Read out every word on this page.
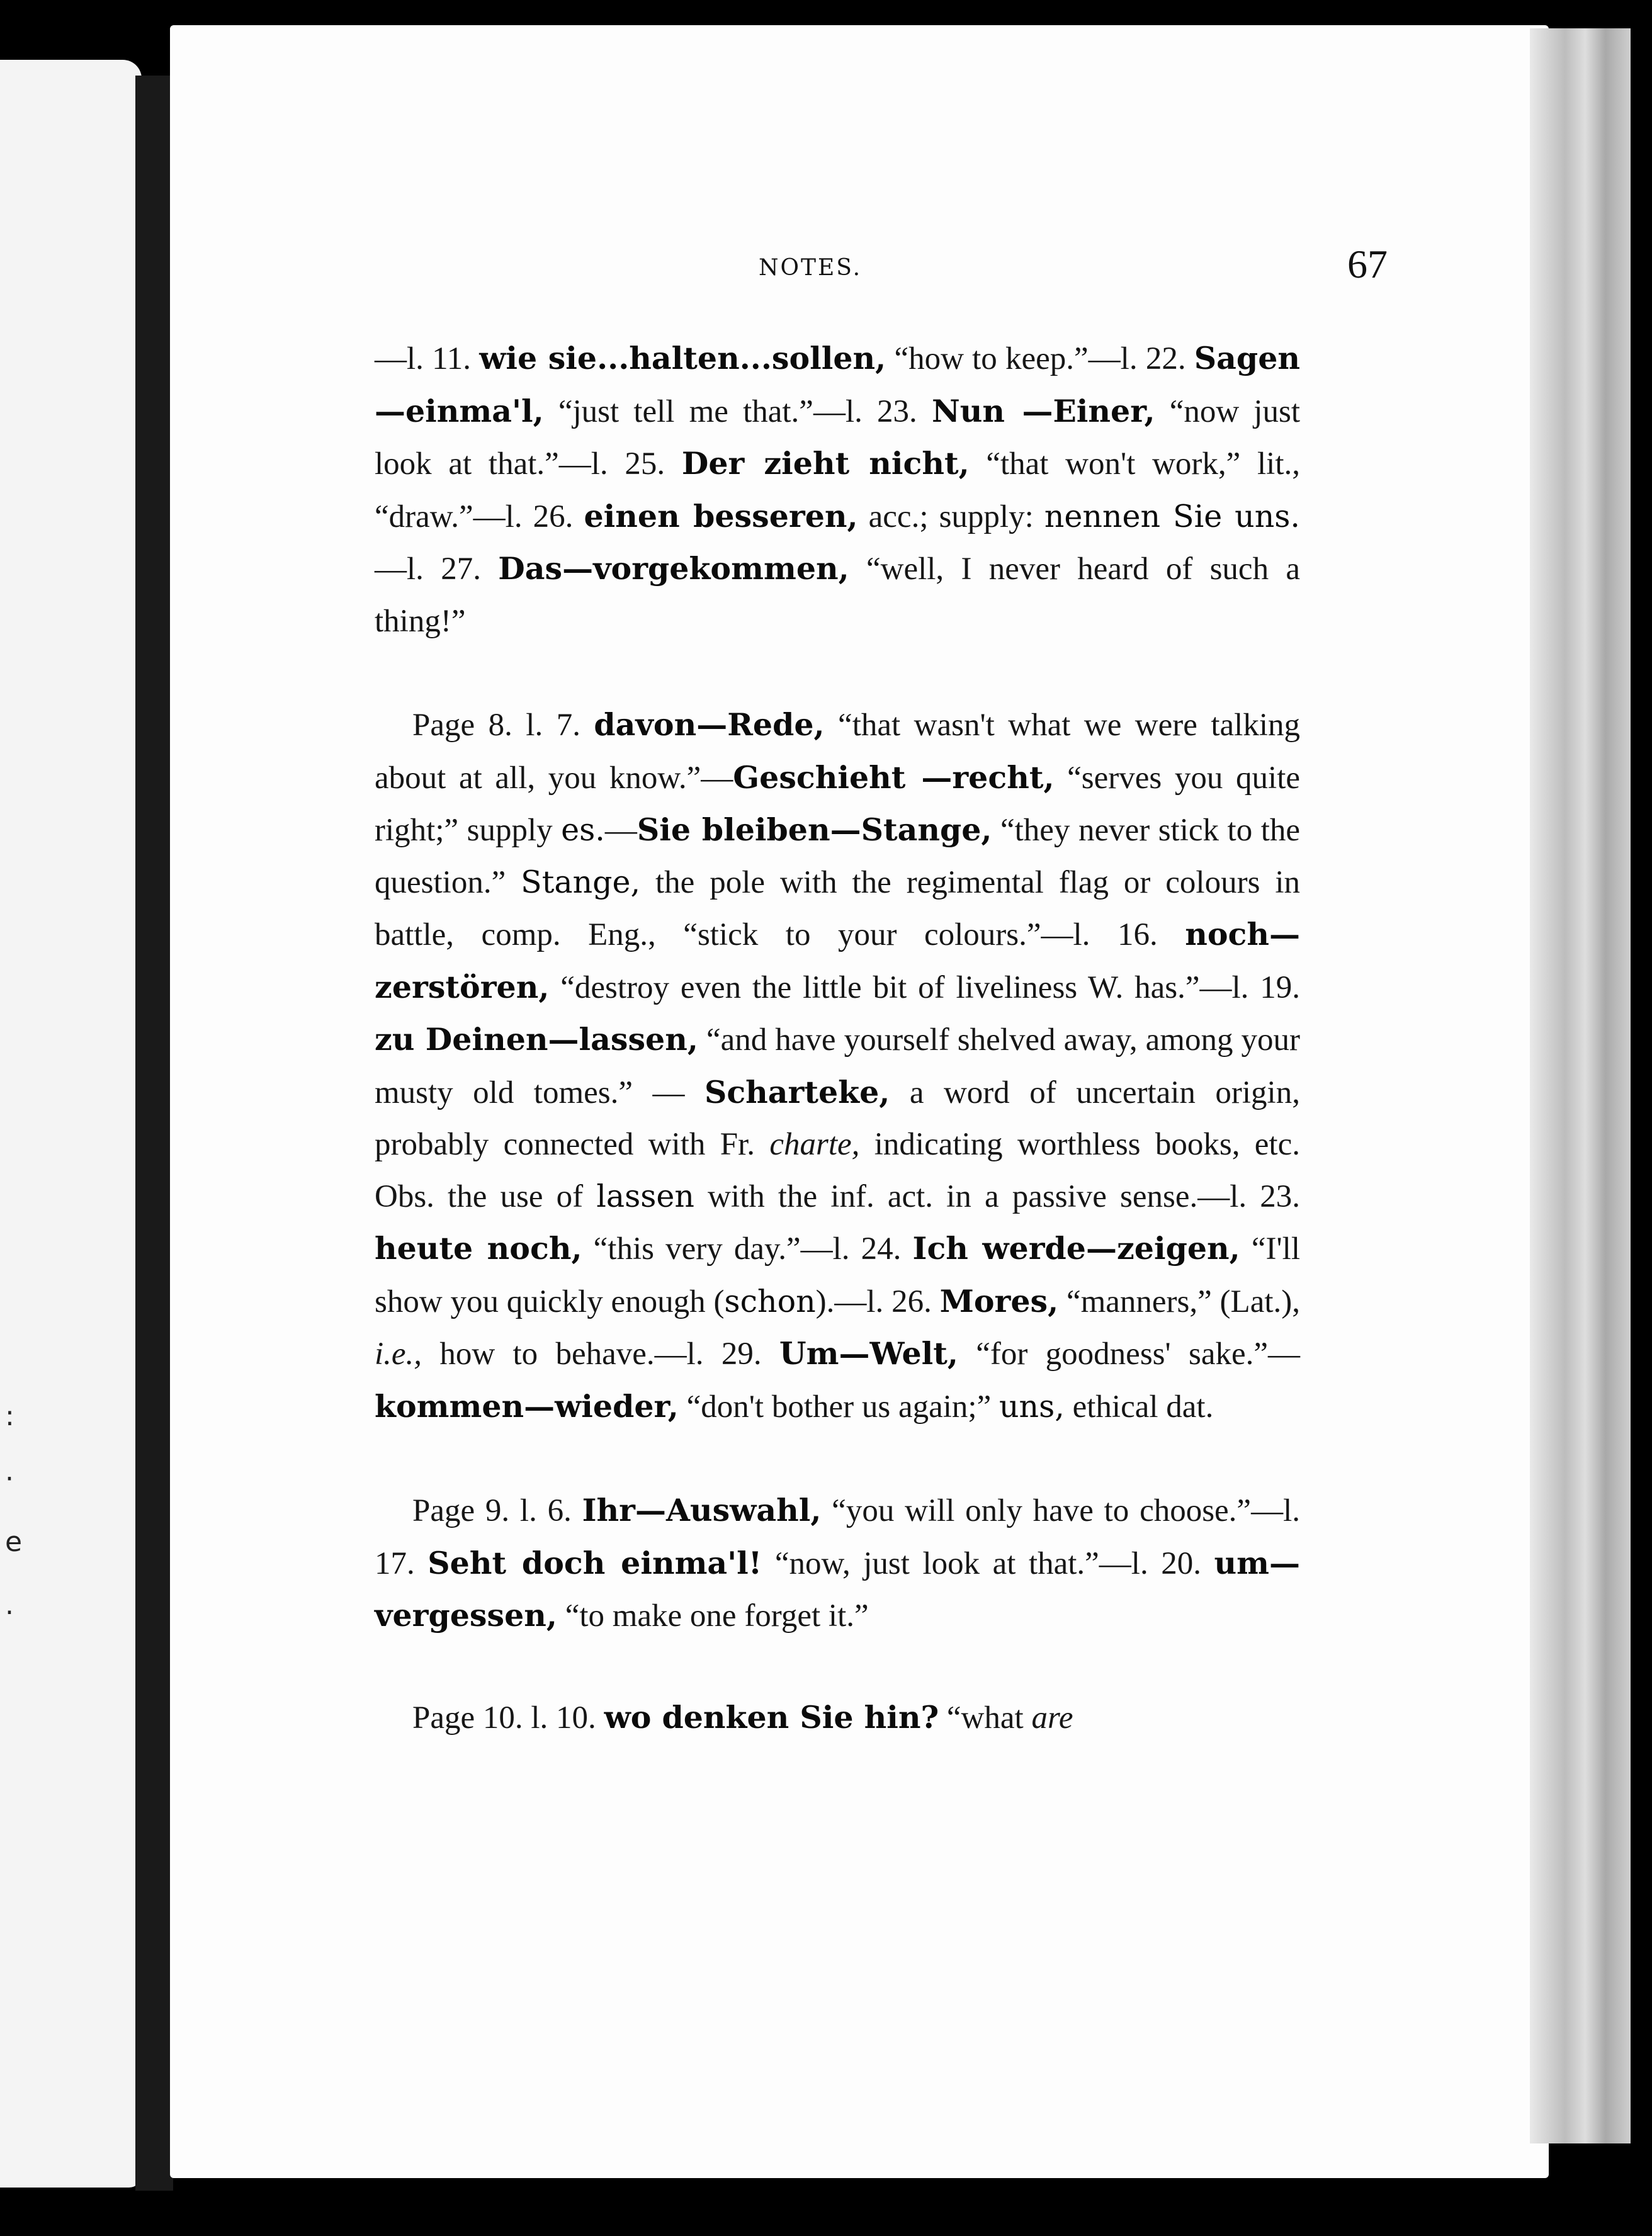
:
·
e
.
NOTES.	67

—l. 11. wie sie...halten...sollen, “how to keep.”—l. 22. Sagen—einma'l, “just tell me that.”—l. 23. Nun —Einer, “now just look at that.”—l. 25. Der zieht nicht, “that won't work,” lit., “draw.”—l. 26. einen besseren, acc.; supply: nennen Sie uns.—l. 27. Das—vorgekommen, “well, I never heard of such a thing!”

Page 8. l. 7. davon—Rede, “that wasn't what we were talking about at all, you know.”—Geschieht —recht, “serves you quite right;” supply es.—Sie bleiben—Stange, “they never stick to the question.” Stange, the pole with the regimental flag or colours in battle, comp. Eng., “stick to your colours.”—l. 16. noch—zerstören, “destroy even the little bit of liveliness W. has.”—l. 19. zu Deinen—lassen, “and have yourself shelved away, among your musty old tomes.” — Scharteke, a word of uncertain origin, probably connected with Fr. charte, indicating worthless books, etc. Obs. the use of lassen with the inf. act. in a passive sense.—l. 23. heute noch, “this very day.”—l. 24. Ich werde—zeigen, “I'll show you quickly enough (schon).—l. 26. Mores, “manners,” (Lat.), i.e., how to behave.—l. 29. Um—Welt, “for goodness' sake.”—kommen—wieder, “don't bother us again;” uns, ethical dat.

Page 9. l. 6. Ihr—Auswahl, “you will only have to choose.”—l. 17. Seht doch einma'l! “now, just look at that.”—l. 20. um—vergessen, “to make one forget it.”

Page 10. l. 10. wo denken Sie hin? “what are
